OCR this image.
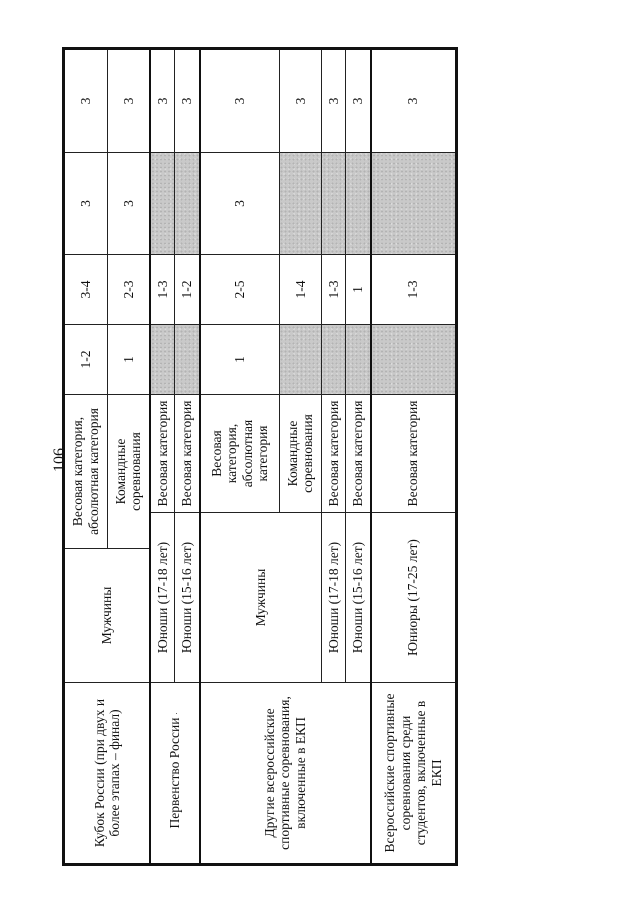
106
Кубок России (при двух и более этапах – финал)	Мужчины	Весовая категория, абсолютная категория		1-2	3-4	3	3
		Командные соревнования		1	2-3	3	3
Первенство России	Юноши (17-18 лет)		Весовая категория		1-3		3
	Юноши (15-16 лет)		Весовая категория		1-2		3
Другие всероссийские спортивные соревнования, включенные в ЕКП	Мужчины		Весовая категория, абсолютная категория	1	2-5	3	3
			Командные соревнования		1-4		3
	Юноши (17-18 лет)		Весовая категория		1-3		3
	Юноши (15-16 лет)		Весовая категория		1		3
Всероссийские спортивные соревнования среди студентов, включенные в ЕКП	Юниоры (17-25 лет)		Весовая категория		1-3		3
